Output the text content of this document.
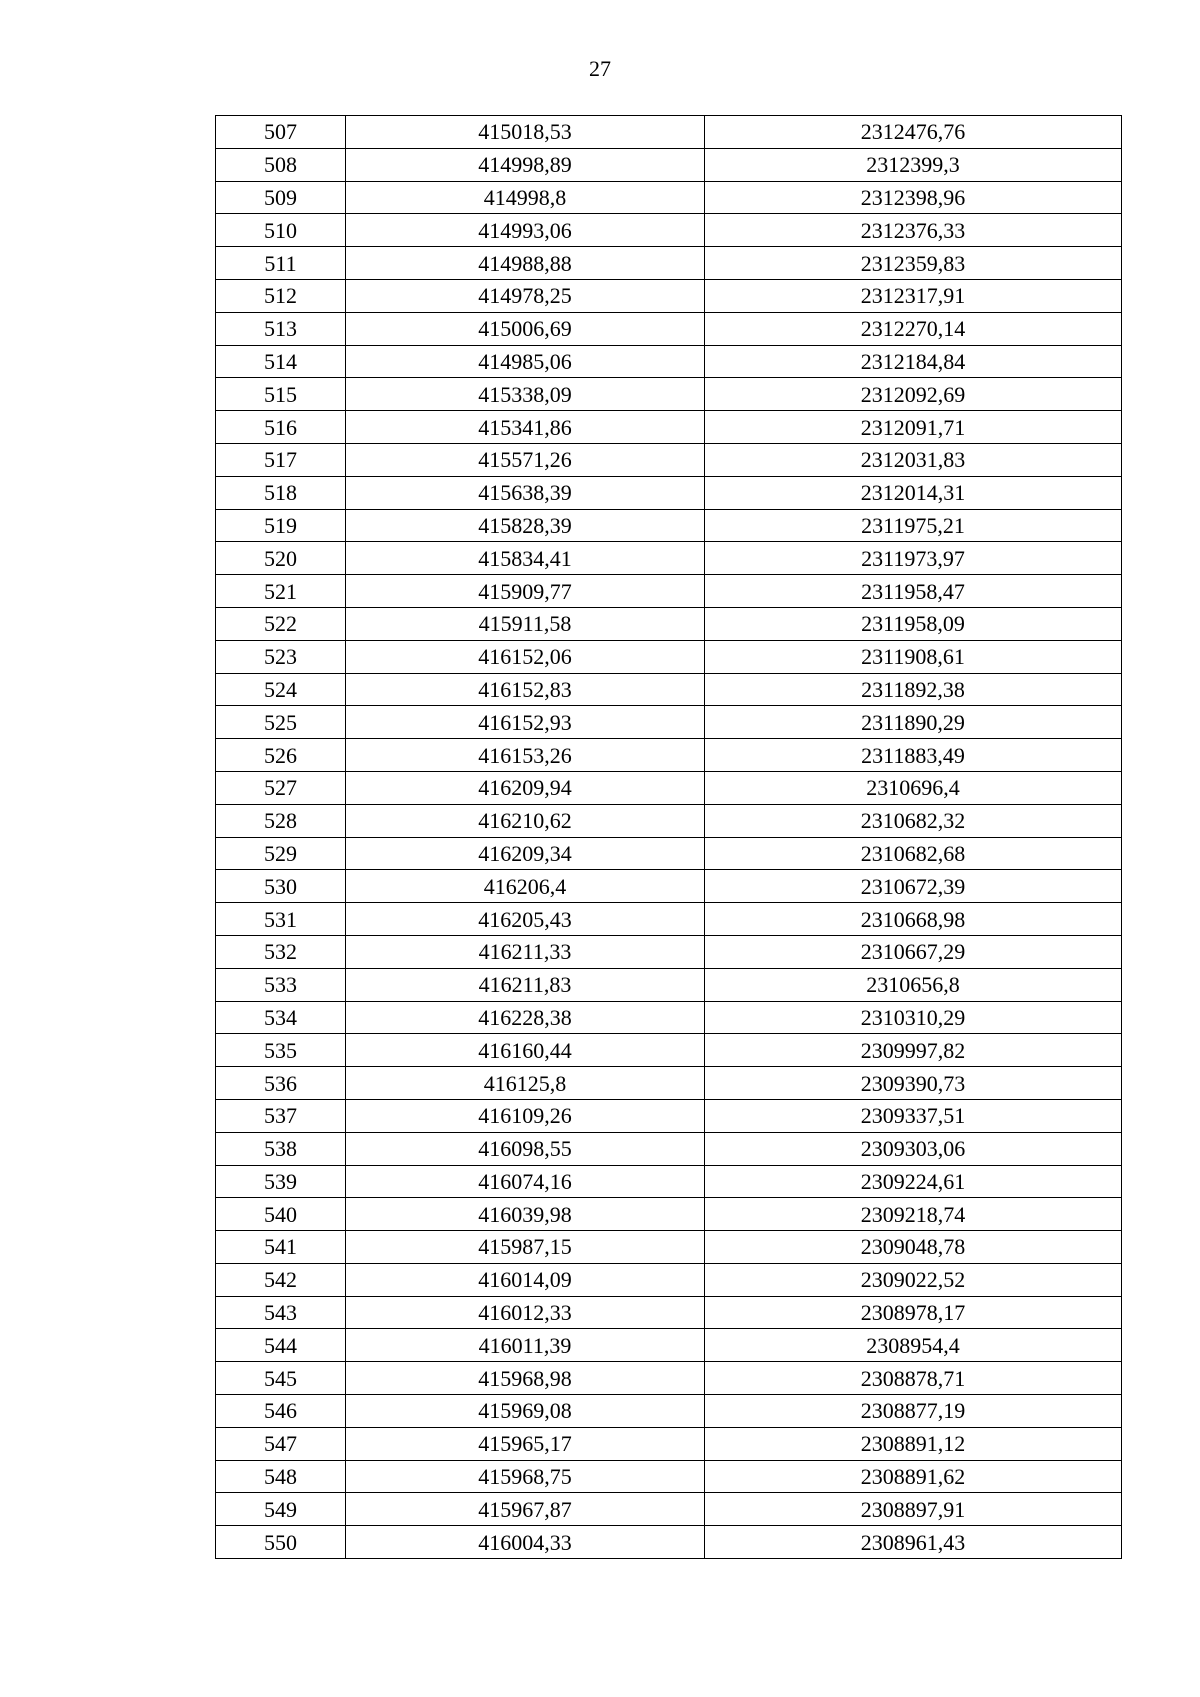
27
507	415018,53	2312476,76
508	414998,89	2312399,3
509	414998,8	2312398,96
510	414993,06	2312376,33
511	414988,88	2312359,83
512	414978,25	2312317,91
513	415006,69	2312270,14
514	414985,06	2312184,84
515	415338,09	2312092,69
516	415341,86	2312091,71
517	415571,26	2312031,83
518	415638,39	2312014,31
519	415828,39	2311975,21
520	415834,41	2311973,97
521	415909,77	2311958,47
522	415911,58	2311958,09
523	416152,06	2311908,61
524	416152,83	2311892,38
525	416152,93	2311890,29
526	416153,26	2311883,49
527	416209,94	2310696,4
528	416210,62	2310682,32
529	416209,34	2310682,68
530	416206,4	2310672,39
531	416205,43	2310668,98
532	416211,33	2310667,29
533	416211,83	2310656,8
534	416228,38	2310310,29
535	416160,44	2309997,82
536	416125,8	2309390,73
537	416109,26	2309337,51
538	416098,55	2309303,06
539	416074,16	2309224,61
540	416039,98	2309218,74
541	415987,15	2309048,78
542	416014,09	2309022,52
543	416012,33	2308978,17
544	416011,39	2308954,4
545	415968,98	2308878,71
546	415969,08	2308877,19
547	415965,17	2308891,12
548	415968,75	2308891,62
549	415967,87	2308897,91
550	416004,33	2308961,43
